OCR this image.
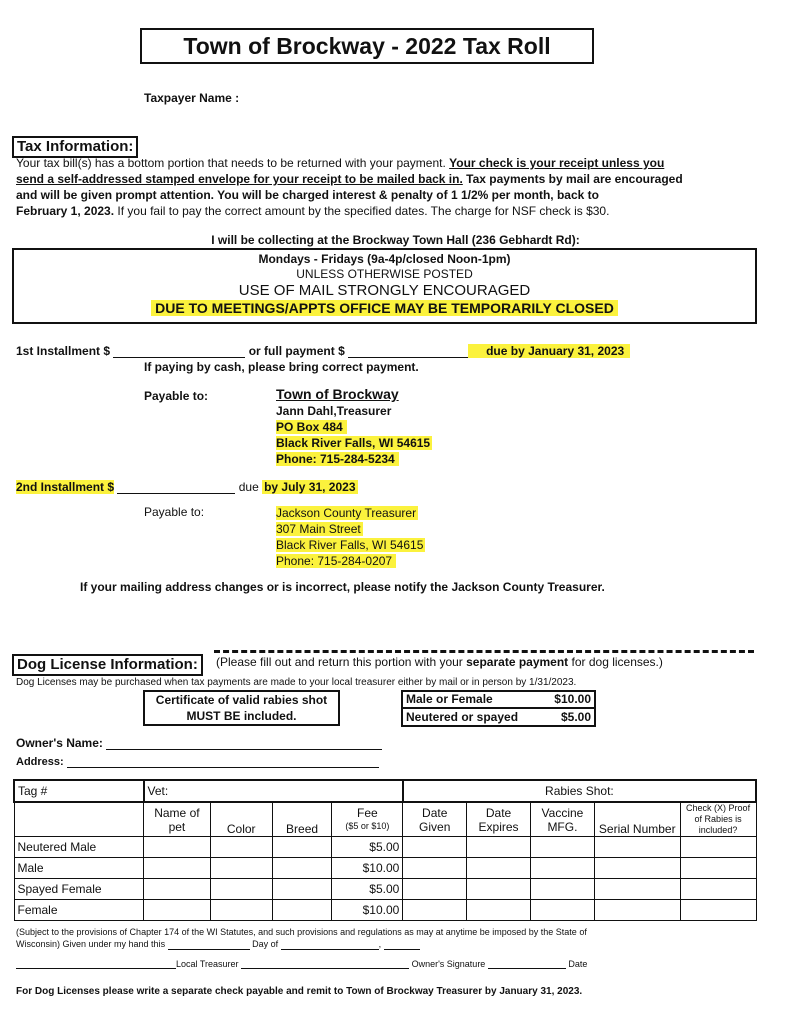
Town of Brockway - 2022 Tax Roll
Taxpayer Name :
Tax Information:
Your tax bill(s) has a bottom portion that needs to be returned with your payment. Your check is your receipt unless you
send a self-addressed stamped envelope for your receipt to be mailed back in. Tax payments by mail are encouraged
and will be given prompt attention. You will be charged interest & penalty of 1 1/2% per month, back to
February 1, 2023. If you fail to pay the correct amount by the specified dates. The charge for NSF check is $30.
I will be collecting at the Brockway Town Hall (236 Gebhardt Rd):
Mondays - Fridays (9a-4p/closed Noon-1pm)
UNLESS OTHERWISE POSTED
USE OF MAIL STRONGLY ENCOURAGED
DUE TO MEETINGS/APPTS OFFICE MAY BE TEMPORARILY CLOSED
1st Installment $	or full payment $	due by January 31, 2023
If paying by cash, please bring correct payment.
Payable to:	Town of Brockway
Jann Dahl,Treasurer
PO Box 484
Black River Falls, WI 54615
Phone: 715-284-5234
2nd Installment $	due by July 31, 2023
Payable to:	Jackson County Treasurer
307 Main Street
Black River Falls, WI 54615
Phone: 715-284-0207
If your mailing address changes or is incorrect, please notify the Jackson County Treasurer.
Dog License Information:	(Please fill out and return this portion with your separate payment for dog licenses.)
Dog Licenses may be purchased when tax payments are made to your local treasurer either by mail or in person by 1/31/2023.
Certificate of valid rabies shot
MUST BE included.
Male or Female	$10.00
Neutered or spayed	$5.00
Owner's Name:
Address:
Tag #	Vet:				Rabies Shot:				
	Name of pet	Color	Breed	Fee
($5 or $10)	Date Given	Date Expires	Vaccine MFG.	Serial Number	Check (X) Proof of Rabies is included?
Neutered Male				$5.00					
Male				$10.00					
Spayed Female				$5.00					
Female				$10.00					
(Subject to the provisions of Chapter 174 of the WI Statutes, and such provisions and regulations as may at anytime be imposed by the State of
Wisconsin) Given under my hand this	Day of	,
Local Treasurer	Owner's Signature	Date
For Dog Licenses please write a separate check payable and remit to Town of Brockway Treasurer by January 31, 2023.
